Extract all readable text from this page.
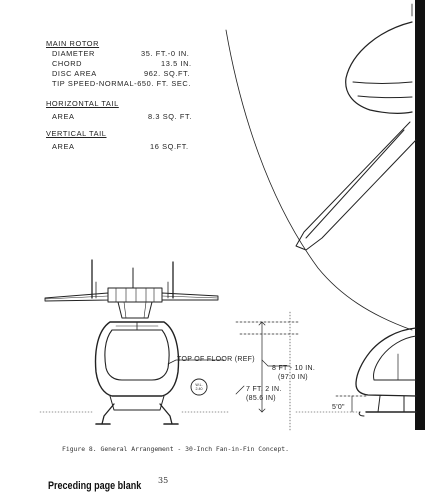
MAIN ROTOR
DIAMETER	35. FT.-0 IN.
CHORD	13.5 IN.
DISC AREA	962. SQ.FT.
TIP SPEED-NORMAL-650. FT. SEC.
HORIZONTAL TAIL
AREA	8.3 SQ. FT.
VERTICAL TAIL
AREA	16 SQ.FT.
TOP OF FLOOR (REF)
8 FT - 10 IN.
(97.0 IN)
7 FT. 2 IN.
(85.6 IN)
5'0"
W.L.
2.40
Figure 8. General Arrangement - 30-Inch Fan-in-Fin Concept.
35
Preceding page blank
